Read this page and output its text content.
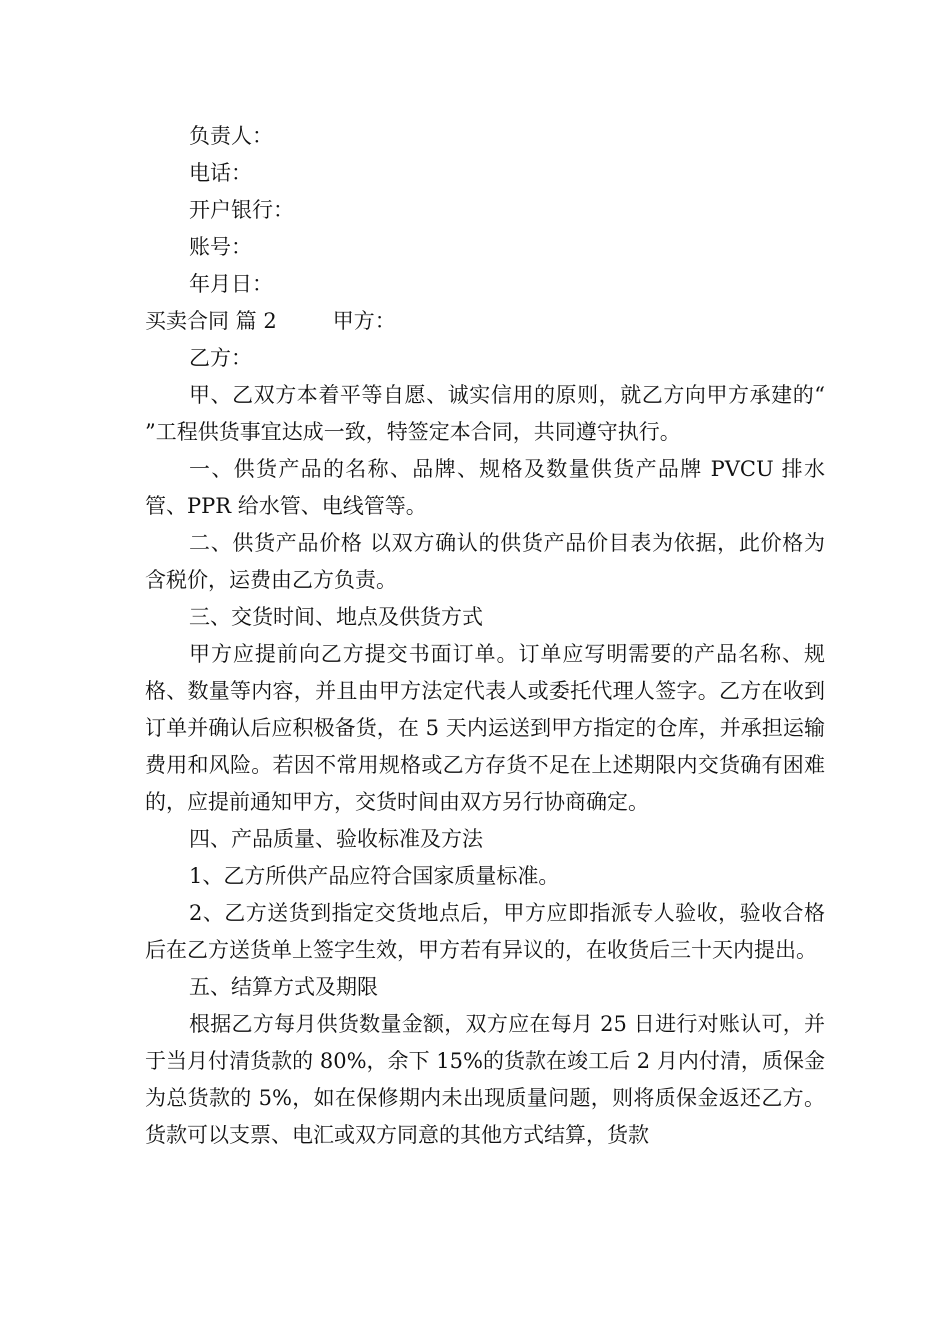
负责人：

电话：

开户银行：

账号：

年月日：

买卖合同 篇 2	甲方：

乙方：

甲、乙双方本着平等自愿、诚实信用的原则，就乙方向甲方承建的“ ”工程供货事宜达成一致，特签定本合同，共同遵守执行。

一、供货产品的名称、品牌、规格及数量供货产品牌 PVCU 排水管、PPR 给水管、电线管等。

二、供货产品价格 以双方确认的供货产品价目表为依据，此价格为含税价，运费由乙方负责。

三、交货时间、地点及供货方式

甲方应提前向乙方提交书面订单。订单应写明需要的产品名称、规格、数量等内容，并且由甲方法定代表人或委托代理人签字。乙方在收到订单并确认后应积极备货，在 5 天内运送到甲方指定的仓库，并承担运输费用和风险。若因不常用规格或乙方存货不足在上述期限内交货确有困难的，应提前通知甲方，交货时间由双方另行协商确定。

四、产品质量、验收标准及方法

1、乙方所供产品应符合国家质量标准。

2、乙方送货到指定交货地点后，甲方应即指派专人验收，验收合格后在乙方送货单上签字生效，甲方若有异议的，在收货后三十天内提出。

五、结算方式及期限

根据乙方每月供货数量金额，双方应在每月 25 日进行对账认可，并于当月付清货款的 80%，余下 15%的货款在竣工后 2 月内付清，质保金为总货款的 5%，如在保修期内未出现质量问题，则将质保金返还乙方。货款可以支票、电汇或双方同意的其他方式结算，货款
